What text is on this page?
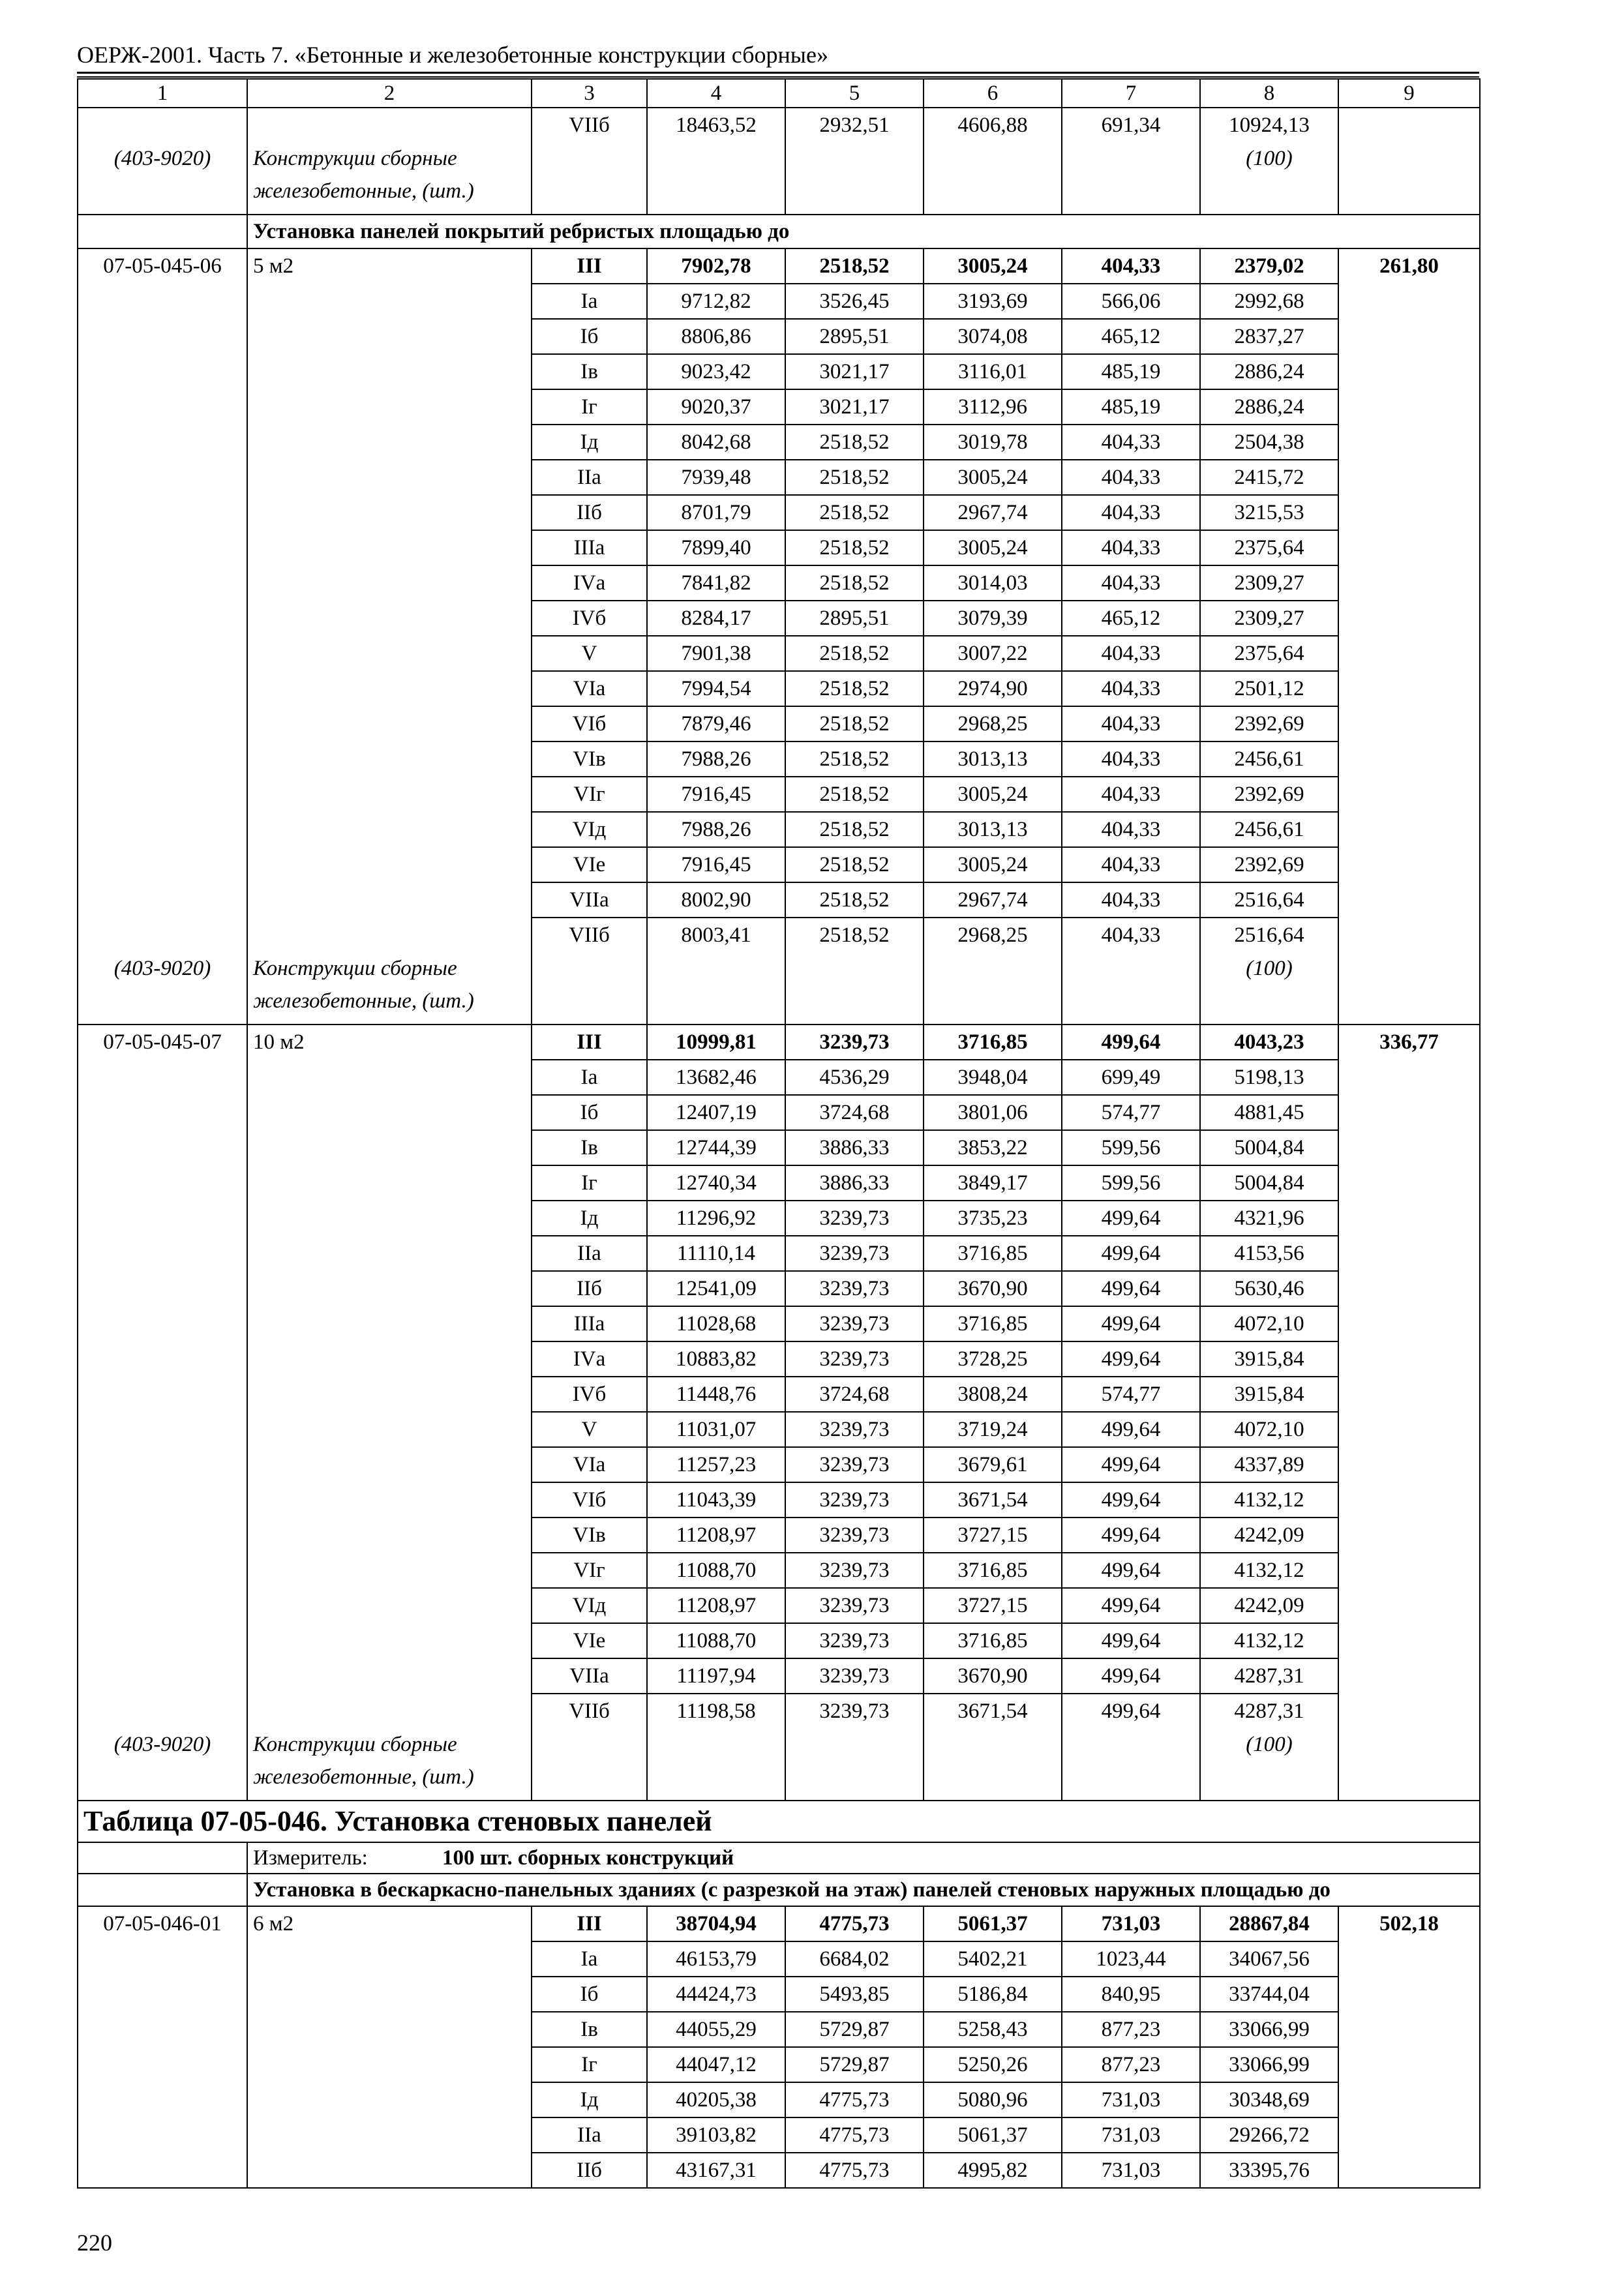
ОЕРЖ-2001. Часть 7. «Бетонные и железобетонные конструкции сборные»
1	2	3	4	5	6	7	8	9
		VIIб	18463,52	2932,51	4606,88	691,34	10924,13	
(403-9020)	Конструкции сборные железобетонные, (шт.)						(100)	
	Установка панелей покрытий ребристых площадью до							
07-05-045-06	5 м2	III	7902,78	2518,52	3005,24	404,33	2379,02	261,80
		Iа	9712,82	3526,45	3193,69	566,06	2992,68	
		Iб	8806,86	2895,51	3074,08	465,12	2837,27	
		Iв	9023,42	3021,17	3116,01	485,19	2886,24	
		Iг	9020,37	3021,17	3112,96	485,19	2886,24	
		Iд	8042,68	2518,52	3019,78	404,33	2504,38	
		IIа	7939,48	2518,52	3005,24	404,33	2415,72	
		IIб	8701,79	2518,52	2967,74	404,33	3215,53	
		IIIа	7899,40	2518,52	3005,24	404,33	2375,64	
		IVа	7841,82	2518,52	3014,03	404,33	2309,27	
		IVб	8284,17	2895,51	3079,39	465,12	2309,27	
		V	7901,38	2518,52	3007,22	404,33	2375,64	
		VIа	7994,54	2518,52	2974,90	404,33	2501,12	
		VIб	7879,46	2518,52	2968,25	404,33	2392,69	
		VIв	7988,26	2518,52	3013,13	404,33	2456,61	
		VIг	7916,45	2518,52	3005,24	404,33	2392,69	
		VIд	7988,26	2518,52	3013,13	404,33	2456,61	
		VIе	7916,45	2518,52	3005,24	404,33	2392,69	
		VIIа	8002,90	2518,52	2967,74	404,33	2516,64	
		VIIб	8003,41	2518,52	2968,25	404,33	2516,64	
(403-9020)	Конструкции сборные железобетонные, (шт.)						(100)	
07-05-045-07	10 м2	III	10999,81	3239,73	3716,85	499,64	4043,23	336,77
		Iа	13682,46	4536,29	3948,04	699,49	5198,13	
		Iб	12407,19	3724,68	3801,06	574,77	4881,45	
		Iв	12744,39	3886,33	3853,22	599,56	5004,84	
		Iг	12740,34	3886,33	3849,17	599,56	5004,84	
		Iд	11296,92	3239,73	3735,23	499,64	4321,96	
		IIа	11110,14	3239,73	3716,85	499,64	4153,56	
		IIб	12541,09	3239,73	3670,90	499,64	5630,46	
		IIIа	11028,68	3239,73	3716,85	499,64	4072,10	
		IVа	10883,82	3239,73	3728,25	499,64	3915,84	
		IVб	11448,76	3724,68	3808,24	574,77	3915,84	
		V	11031,07	3239,73	3719,24	499,64	4072,10	
		VIа	11257,23	3239,73	3679,61	499,64	4337,89	
		VIб	11043,39	3239,73	3671,54	499,64	4132,12	
		VIв	11208,97	3239,73	3727,15	499,64	4242,09	
		VIг	11088,70	3239,73	3716,85	499,64	4132,12	
		VIд	11208,97	3239,73	3727,15	499,64	4242,09	
		VIе	11088,70	3239,73	3716,85	499,64	4132,12	
		VIIа	11197,94	3239,73	3670,90	499,64	4287,31	
		VIIб	11198,58	3239,73	3671,54	499,64	4287,31	
(403-9020)	Конструкции сборные железобетонные, (шт.)						(100)	
Таблица 07-05-046. Установка стеновых панелей								
	Измеритель: 100 шт. сборных конструкций							
	Установка в бескаркасно-панельных зданиях (с разрезкой на этаж) панелей стеновых наружных площадью до							
07-05-046-01	6 м2	III	38704,94	4775,73	5061,37	731,03	28867,84	502,18
		Iа	46153,79	6684,02	5402,21	1023,44	34067,56	
		Iб	44424,73	5493,85	5186,84	840,95	33744,04	
		Iв	44055,29	5729,87	5258,43	877,23	33066,99	
		Iг	44047,12	5729,87	5250,26	877,23	33066,99	
		Iд	40205,38	4775,73	5080,96	731,03	30348,69	
		IIа	39103,82	4775,73	5061,37	731,03	29266,72	
		IIб	43167,31	4775,73	4995,82	731,03	33395,76	
220
